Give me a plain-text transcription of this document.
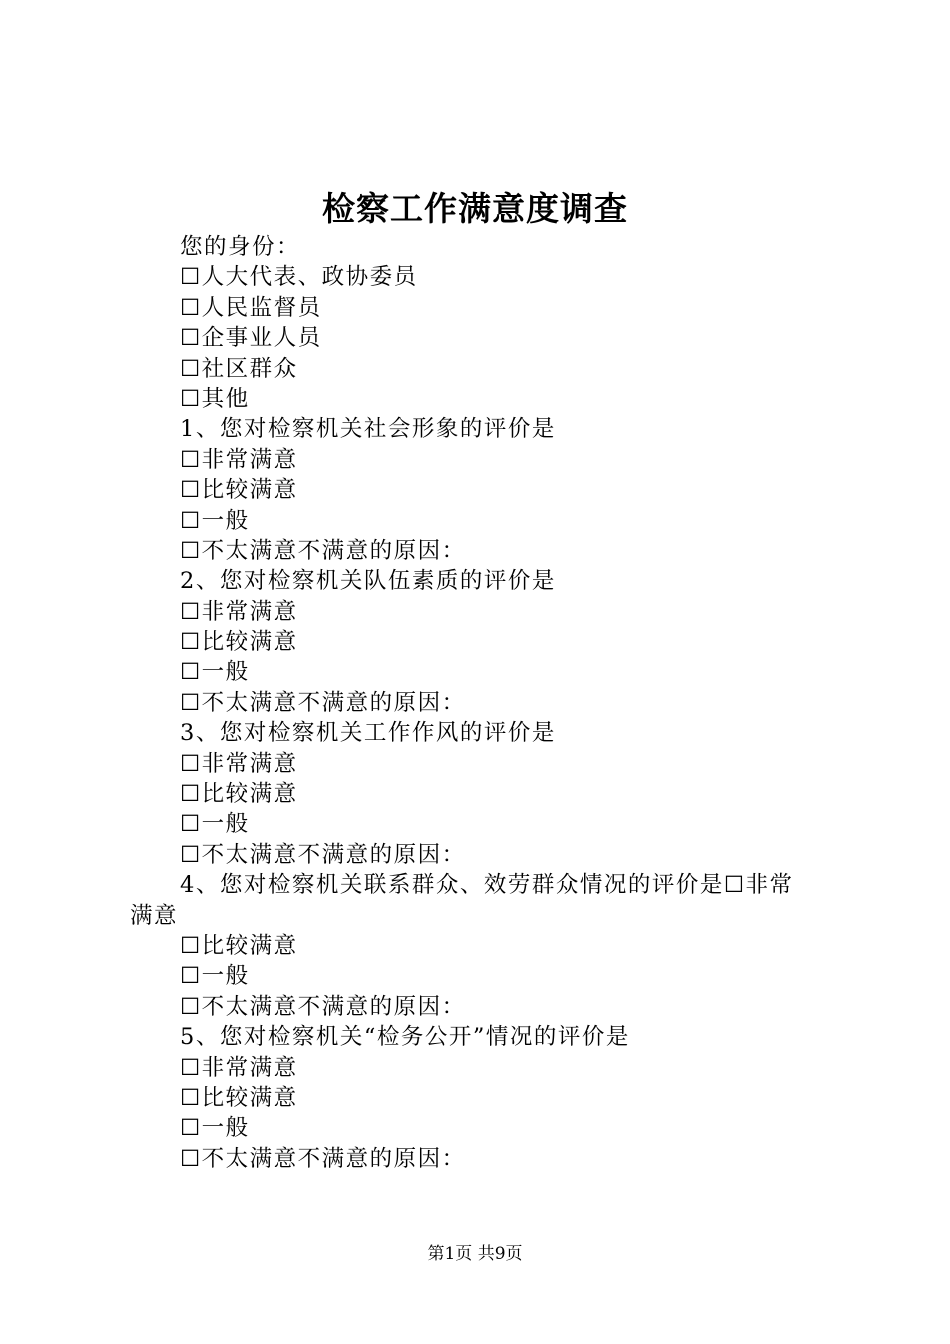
检察工作满意度调查
您的身份：
☐人大代表、政协委员
☐人民监督员
☐企事业人员
☐社区群众
☐其他
1、您对检察机关社会形象的评价是
☐非常满意
☐比较满意
☐一般
☐不太满意不满意的原因：
2、您对检察机关队伍素质的评价是
☐非常满意
☐比较满意
☐一般
☐不太满意不满意的原因：
3、您对检察机关工作作风的评价是
☐非常满意
☐比较满意
☐一般
☐不太满意不满意的原因：
4、您对检察机关联系群众、效劳群众情况的评价是☐非常
满意
☐比较满意
☐一般
☐不太满意不满意的原因：
5、您对检察机关“检务公开”情况的评价是
☐非常满意
☐比较满意
☐一般
☐不太满意不满意的原因：
第1页 共9页
